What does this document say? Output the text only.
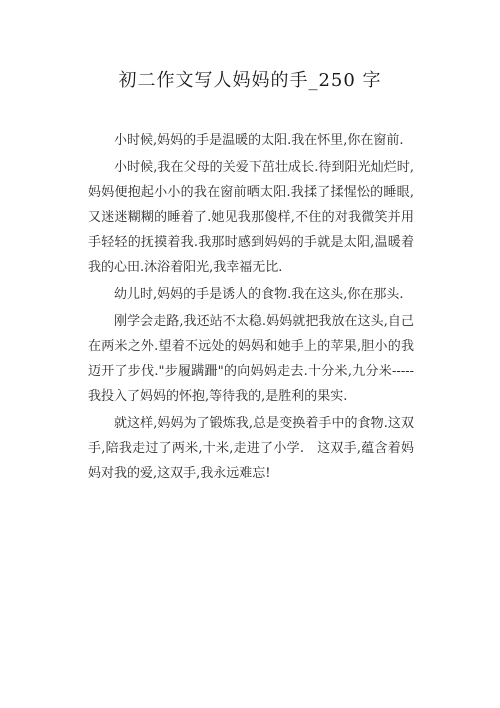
初二作文写人妈妈的手_250 字

小时候,妈妈的手是温暖的太阳.我在怀里,你在窗前.

小时候,我在父母的关爱下茁壮成长.待到阳光灿烂时,妈妈便抱起小小的我在窗前晒太阳.我揉了揉惺忪的睡眼,又迷迷糊糊的睡着了.她见我那傻样,不住的对我微笑并用手轻轻的抚摸着我.我那时感到妈妈的手就是太阳,温暖着我的心田.沐浴着阳光,我幸福无比.

幼儿时,妈妈的手是诱人的食物.我在这头,你在那头.

刚学会走路,我还站不太稳.妈妈就把我放在这头,自己在两米之外.望着不远处的妈妈和她手上的苹果,胆小的我迈开了步伐."步履蹒跚"的向妈妈走去.十分米,九分米-----我投入了妈妈的怀抱,等待我的,是胜利的果实.

就这样,妈妈为了锻炼我,总是变换着手中的食物.这双手,陪我走过了两米,十米,走进了小学.   这双手,蕴含着妈妈对我的爱,这双手,我永远难忘!
